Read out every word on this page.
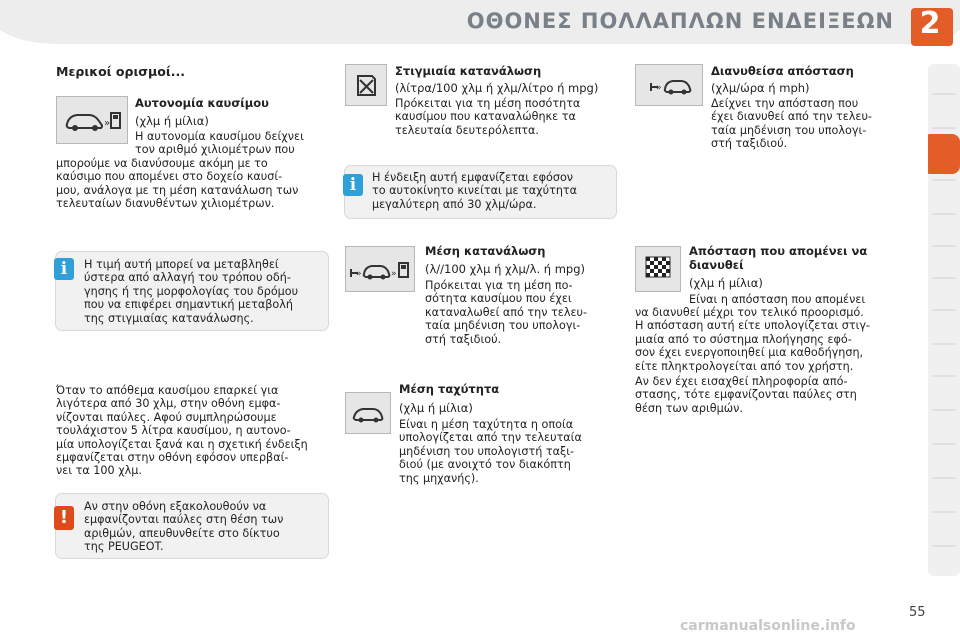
ΟΘΟΝΕΣ ΠΟΛΛΑΠΛΩΝ ΕΝΔΕΙΞΕΩΝ 2
Μερικοί ορισμοί...
»
Αυτονομία καυσίμου
(χλμ ή μίλια)
Η αυτονομία καυσίμου δείχνει
τον αριθμό χιλιομέτρων που
μπορούμε να διανύσουμε ακόμη με το
καύσιμο που απομένει στο δοχείο καυσί-
μου, ανάλογα με τη μέση κατανάλωση των
τελευταίων διανυθέντων χιλιομέτρων.
i	Η τιμή αυτή μπορεί να μεταβληθεί
ύστερα από αλλαγή του τρόπου οδή-
γησης ή της μορφολογίας του δρόμου
που να επιφέρει σημαντική μεταβολή
της στιγμιαίας κατανάλωσης.
Όταν το απόθεμα καυσίμου επαρκεί για
λιγότερα από 30 χλμ, στην οθόνη εμφα-
νίζονται παύλες. Αφού συμπληρώσουμε
τουλάχιστον 5 λίτρα καυσίμου, η αυτονο-
μία υπολογίζεται ξανά και η σχετική ένδειξη
εμφανίζεται στην οθόνη εφόσον υπερβαί-
νει τα 100 χλμ.
!
Αν στην οθόνη εξακολουθούν να
εμφανίζονται παύλες στη θέση των
αριθμών, απευθυνθείτε στο δίκτυο
της PEUGEOT.
Στιγμιαία κατανάλωση
(λίτρα/100 χλμ ή χλμ/λίτρο ή mpg)
Πρόκειται για τη μέση ποσότητα
καυσίμου που καταναλώθηκε τα
τελευταία δευτερόλεπτα.
i	Η ένδειξη αυτή εμφανίζεται εφόσον
το αυτοκίνητο κινείται με ταχύτητα
μεγαλύτερη από 30 χλμ/ώρα.
»	»
Μέση κατανάλωση
(λ//100 χλμ ή χλμ/λ. ή mpg)
Πρόκειται για τη μέση πο-
σότητα καυσίμου που έχει
καταναλωθεί από την τελευ-
ταία μηδένιση του υπολογι-
στή ταξιδιού.
Μέση ταχύτητα
(χλμ ή μίλια)
Είναι η μέση ταχύτητα η οποία
υπολογίζεται από την τελευταία
μηδένιση του υπολογιστή ταξι-
διού (με ανοιχτό τον διακόπτη
της μηχανής).
»
Διανυθείσα απόσταση
(χλμ/ώρα ή mph)
Δείχνει την απόσταση που
έχει διανυθεί από την τελευ-
ταία μηδένιση του υπολογι-
στή ταξιδιού.
Απόσταση που απομένει να
διανυθεί
(χλμ ή μίλια)
Είναι η απόσταση που απομένει
να διανυθεί μέχρι τον τελικό προορισμό.
Η απόσταση αυτή είτε υπολογίζεται στιγ-
μιαία από το σύστημα πλοήγησης εφό-
σον έχει ενεργοποιηθεί μια καθοδήγηση,
είτε πληκτρολογείται από τον χρήστη.
Αν δεν έχει εισαχθεί πληροφορία από-
στασης, τότε εμφανίζονται παύλες στη
θέση των αριθμών.
55
carmanualsonline.info
